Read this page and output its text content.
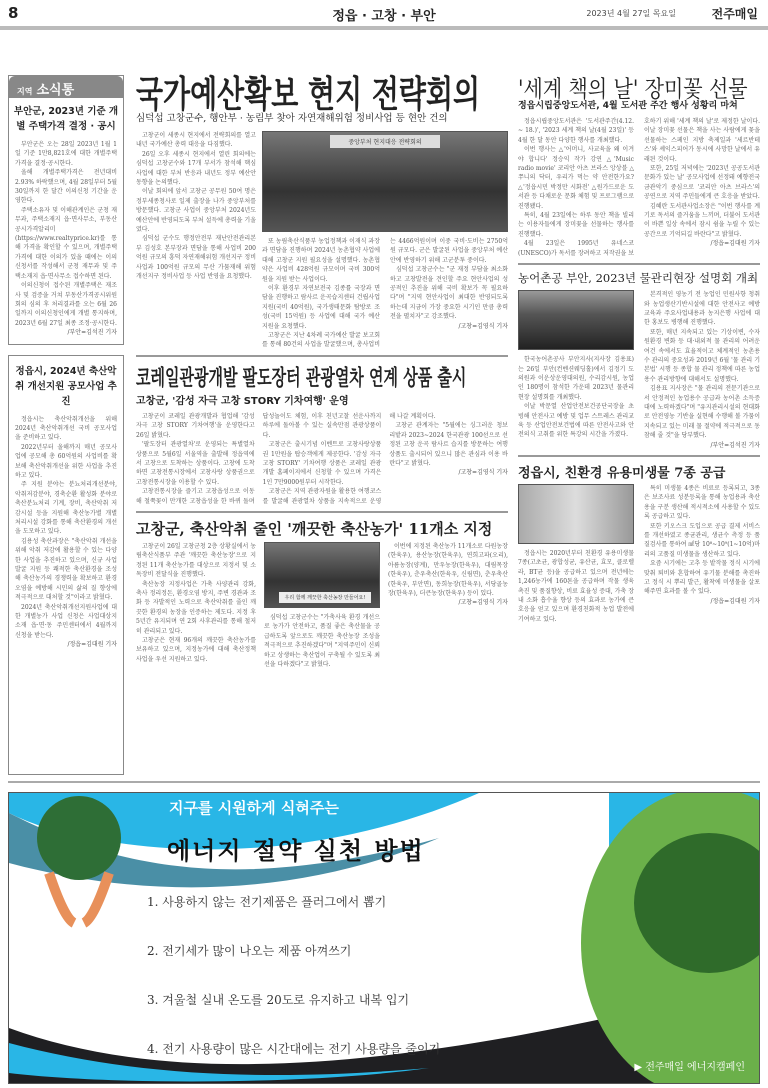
8	정읍 · 고창 · 부안	2023년 4월 27일 목요일	전주매일
지역 소식통
부안군, 2023년 기준 개별 주택가격 결정 · 공시

부안군은 오는 28일 2023년 1월 1일 기준 1만8,821호에 대한 개별주택가격을 결정·공시한다.

올해 개별주택가격은 전년대비 2.93% 하락했으며, 4월 28일부터 5월 30일까지 한 달간 이의신청 기간을 운영한다.

주택소유자 및 이해관계인은 군청 재무과, 주택소재지 읍·면사무소, 부동산공시가격알리미(https://www.realtyprice.kr)를 통해 가격을 확인할 수 있으며, 개별주택가격에 대한 이의가 있을 때에는 이의신청서를 작성해서 군청 재무과 및 주택소재지 읍·면사무소 접수하면 된다.

이의신청이 접수된 개별주택은 재조사 및 검증을 거쳐 부동산가격공시위원회의 심의 후 처리결과를 오는 6월 26일까지 이의신청인에게 개별 통지하며, 2023년 6월 27일 최종 조정·공시한다.

/부안=김석진 기자
정읍시, 2024년 축산악취 개선지원 공모사업 추진

정읍시는 축산악취개선을 위해 2024년 축산악취개선 국비 공모사업을 준비하고 있다.

2022년부터 올해까지 매년 공모사업에 공모해 총 60억원의 사업비를 확보해 축산악취개선을 위한 사업을 추진하고 있다.

주 지원 분야는 분뇨처리개선분야, 악취저감분야, 경축순환 활성화 분야로 축산분뇨처리 기계, 장비, 축산악취 저감시설 등을 지원해 축산농가별 개별 처리시설 강화를 통해 축산환경의 개선을 도모하고 있다.

김용성 축산과장은 "축산악취 개선을 위해 악취 저감에 활용할 수 있는 다양한 사업을 추진하고 있으며, 신규 사업 발굴 지원 등 쾌적한 축산환경을 조성해 축산농가의 경쟁력을 확보하고 환경오염을 예방해 시민의 삶의 질 향상에 적극적으로 대처할 것"이라고 밝혔다.

2024년 축산악취개선지원사업에 대한 개별농가 사업 신청은 사업대상지 소재 읍·면·동 주민센터에서 4월까지 신청을 받는다.

/정읍=김대원 기자
국가예산확보 현지 전략회의
심덕섭 고창군수, 행안부 · 농림부 찾아 자연재해위험 정비사업 등 현안 건의

고창군이 세종시 현지에서 전략회의를 열고 내년 국가예산 총력 대응을 다짐했다.

26일 오후 세종시 현지에서 열린 회의에는 심덕섭 고창군수와 17개 부서가 참석해 핵심사업에 대한 부처 반응과 내년도 정부 예산안 동향을 논의했다.

이날 회의에 앞서 고창군 공무원 50여 명은 정부세종청사로 일제 출장을 나가 중앙부처를 방문했다. 고창군 사업이 중앙부처 2024년도 예산안에 반영되도록 부처 설득에 총력을 기울였다.

심덕섭 군수도 행정안전부 재난안전관리본부 김성호 본부장과 면담을 통해 사업비 200억원 규모의 흥덕 자연재해위험 개선지구 정비사업과 100억원 규모의 무산 가뭄재해 위험 개선지구 정비사업 등 사업 반영을 요청했다.

중앙부처 현지대응 전략회의

또 농림축산식품부 농업정책과 이재식 과장과 면담을 진행하며 2024년 농촌협약 사업에 대해 고창군 지원 필요성을 설명했다. 농촌협약은 사업비 428억원 규모이며 국비 300억원을 지원 받는 사업이다.

이후 환경부 자연보전국 김종률 국장과 면담을 진행하고 람사르 운곡습지센터 건립사업 지원(국비 40억원), 국가생태문화 탐방로 조성(국비 15억원) 등 사업에 대해 국가 예산 지원을 요청했다.

고창군은 지난 4차례 국가예산 발굴 보고회를 통해 80건의 사업을 발굴했으며, 총사업비는 4466억원이며 이중 국비·도비는 2750억원 규모다. 군은 발굴된 사업을 중앙부처 예산안에 반영하기 위해 고군분투 중이다.

심덕섭 고창군수는 "군 재정 부담을 최소화하고 고창발전을 견인할 주요 현안사업의 성공적인 추진을 위해 국비 확보가 꼭 필요하다"며 "지역 현안사업이 최대한 반영되도록 하는데 지금이 가장 중요한 시기인 만큼 총력전을 펼치자"고 강조했다.

/고창=김영식 기자
코레일관광개발 팔도장터 관광열차 연계 상품 출시
고창군, '감성 자극 고창 STORY 기차여행' 운영

고창군이 코레일 관광개발과 협업해 '감성 자극 고창 STORY 기차여행'을 운영한다고 26일 밝혔다.

'팔도장터 관광열차'로 운영되는 특별열차 상품으로 5월6일 서울역을 출발해 정읍역에서 고창으로 도착하는 상품이다. 고창에 도착하면 고창전통시장에서 고창사랑 상품권으로 고창전통시장을 이용할 수 있다.

고창전통시장을 즐기고 고창읍성으로 이동해 철쭉꽃이 만개한 고창읍성을 한 바퀴 돌며 답성놀이도 체험, 이후 친년고찰 선운사까지 하루에 돌아볼 수 있는 실속만점 관광상품이다.

고창군은 출시기념 이벤트로 고창사랑상품권 1만원을 탑승객에게 제공한다. '감성 자극 고창 STORY' 기차여행 상품은 코레일 관광개발 홈페이지에서 신청할 수 있으며 가격은 1인 7만9000원부터 시작한다.

고창군은 지역 관광자원을 활용한 여행코스를 발굴해 관광열차 상품을 지속적으로 운영해 나갈 계획이다.

고창군 관계자는 "5월에는 싱그러운 청보리밭과 2023~2024 한국관광 100선으로 선정된 고창 운곡 람사르 습지를 방문하는 여행상품도 출시되어 있으니 많은 관심과 이용 바란다"고 밝혔다.

/고창=김영식 기자
고창군, 축산악취 줄인 '깨끗한 축산농가' 11개소 지정

고창군이 26일 고창군청 2층 상황실에서 농림축산식품부 주관 '깨끗한 축산농장'으로 지정된 11개 축산농가를 대상으로 지정서 및 소독장비 전달식을 진행했다.

축산농장 지정사업은 가축 사양관리 강화, 축사 정리정돈, 환경오염 방지, 주변 경관과 조화 등 자발적인 노력으로 축산악취를 줄인 깨끗한 환경의 농장을 인증하는 제도다. 지정 후 5년간 유지되며 연 2회 사후관리를 통해 철저히 관리되고 있다.

고창군은 현재 96개의 깨끗한 축산농가를 보유하고 있으며, 지정농가에 대해 축산정책 사업을 우선 지원하고 있다.

우리 함께 깨끗한 축산농장 만들어요!

심덕섭 고창군수는 "가축사육 환경 개선으로 농가가 안전하고, 품질 좋은 축산물을 공급하도록 앞으로도 깨끗한 축산농장 조성을 적극적으로 추진하겠다"며 "지역주민이 신뢰하고 상생하는 축산업이 구축될 수 있도록 최선을 다하겠다"고 밝혔다.

이번에 지정된 축산농가 11개소로 다원농장(한육우), 용산농장(한육우), 연희고파(오리), 아름농장(양계), 만우농장(한육우), 대림목장(한육우), 춘우축산(한육우, 신림면), 춘우축산(한육우, 부안면), 동희농장(한육우), 서당골농장(한육우), 더큰농장(한육우) 등이 있다.

/고창=김영식 기자
'세계 책의 날' 장미꽃 선물
정읍시립중앙도서관, 4월 도서관 주간 행사 성황리 마쳐

정읍시립중앙도서관은 '도서관주간(4.12. ~ 18.)', '2023 세계 책의 날(4월 23일)' 등 4월 한 달 동안 다양한 행사를 개최했다.

이번 행사는 △'어머니, 사교육을 왜 이겨야 합니다' 정승익 작가 강연 △'Music radio movie' 코리안 아츠 브라스 앙상블 △쭈니의 닥터, 우리가 먹는 약 안전한가요? △'정읍시민 박정만 시화전' △원가드로운 도서관 등 다채로운 문화 체험 및 프로그램으로 진행됐다.

특히, 4월 23일에는 하루 동안 책을 빌리는 이용자들에게 장미꽃을 선물하는 행사를 진행했다.

4월 23일은 1995년 유네스코(UNESCO)가 독서를 장려하고 저작권을 보호하기 위해 '세계 책의 날'로 제정한 날이다. 이날 장미꽃 선물은 책을 사는 사람에게 꽃을 선물하는 스페인 지방 축제일과 '세르반테스'와 셰익스피어가 동시에 사망한 날에서 유래된 것이다.

또한, 25일 저녁에는 '2023년 공공도서관 문화가 있는 날' 공모사업에 선정돼 예향전국 금관악기 중심으로 '코리안 아츠 브라스'의 공연으로 지역 주민들에게 큰 호응을 받았다.

김혜란 도서관사업소장은 "이번 행사를 계기로 독서의 즐거움을 느끼며, 더불어 도서관이 바쁜 일상 속에서 잠시 쉼을 누릴 수 있는 공간으로 기억되길 바란다"고 밝혔다.

/정읍=김대원 기자
농어촌공 부안, 2023년 물관리현장 설명회 개최

한국농어촌공사 부안지사(지사장 김용표)는 26일 부안(컨벤션웨딩홀)에서 김정기 도의원과 이운상운영대의원, 수리감시원, 농업인 180명이 참석한 가운데 2023년 물관리현장 설명회를 개최했다.

이날 박문열 산업안전보건공단국장을 초빙해 안전사고 예방 및 업무 스트레스 관리교육 등 산업안전보건법에 따른 안전사고와 안전의식 고취를 위한 특강의 시간을 가졌다.

본격적인 영농기 전 농업인 민원사항 청취와 농업생산기반시설에 대한 안전사고 예방 교육과 주요사업내용과 농지은행 사업에 대한 홍보도 병행해 진행했다.

또한, 매년 지속되고 있는 기상이변, 수자원환경 변화 등 대·내외적 물 관리의 어려운 여건 속에서도 효율적이고 체계적인 농촌용수 관리의 중요성과 2019년 6월 '물 관리 기본법' 시행 등 종합 물 관리 정책에 따른 농업용수 관리방향에 대해서도 설명했다.

김용표 지사장은 "물 관리의 전문기관으로서 안정적인 농업용수 공급과 농어촌 소득증대에 노력하겠다"며 "유지관리시설의 현대화로 안전영농 기반을 실현해 수행해 볼 가뭄이 지속되고 있는 미래 물 절약에 적극적으로 동참해 줄 것"을 당부했다.

/부안=김석진 기자
정읍시, 친환경 유용미생물 7종 공급

정읍시는 2020년부터 친환경 유용미생물 7종(고초균, 광합성균, 유산균, 효모, 클로렐라, BT균 등)을 공급하고 있으며 전년에는 1,246농가에 160톤을 공급하며 작물 생육촉진 및 품질향상, 비료 효율성 증대, 가축 장내 소화 흡수율 향상 등의 효과로 농가에 큰 호응을 얻고 있으며 환경친화적 농업 발전에 기여하고 있다.

특히 미생물 4종은 비료로 등록되고, 3종은 보조사료 성분등록을 통해 농업용과 축산용을 구분 생산해 적시적소에 사용할 수 있도록 공급하고 있다.

또한 키오스크 도입으로 공급 결제 서비스를 개선하였고 종균관리, 생균수 측정 등 품질검사를 통하여 ㎖당 10⁸~10⁹(1~10억)마리의 고품질 미생물을 생산하고 있다.

요즘 시기에는 고추 등 밭작물 정식 시기에 맞춰 퇴비와 혼합하여 유기물 분해를 촉진하고 정식 시 뿌리 발근, 활착에 미생물을 살포해주면 효과를 볼 수 있다.

/정읍=김대원 기자
지구를 시원하게 식혀주는
에너지 절약 실천 방법
1. 사용하지 않는 전기제품은 플러그에서 뽑기
2. 전기세가 많이 나오는 제품 아껴쓰기
3. 겨울철 실내 온도를 20도로 유지하고 내복 입기
4. 전기 사용량이 많은 시간대에는 전기 사용량을 줄이기
▶ 전주매일 에너지캠페인
